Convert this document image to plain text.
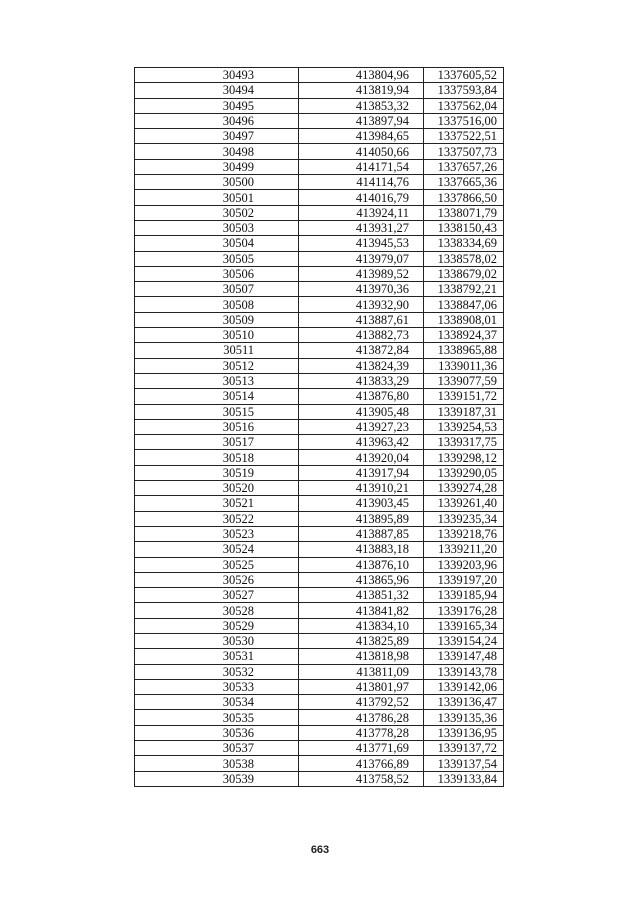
30493	413804,96	1337605,52
30494	413819,94	1337593,84
30495	413853,32	1337562,04
30496	413897,94	1337516,00
30497	413984,65	1337522,51
30498	414050,66	1337507,73
30499	414171,54	1337657,26
30500	414114,76	1337665,36
30501	414016,79	1337866,50
30502	413924,11	1338071,79
30503	413931,27	1338150,43
30504	413945,53	1338334,69
30505	413979,07	1338578,02
30506	413989,52	1338679,02
30507	413970,36	1338792,21
30508	413932,90	1338847,06
30509	413887,61	1338908,01
30510	413882,73	1338924,37
30511	413872,84	1338965,88
30512	413824,39	1339011,36
30513	413833,29	1339077,59
30514	413876,80	1339151,72
30515	413905,48	1339187,31
30516	413927,23	1339254,53
30517	413963,42	1339317,75
30518	413920,04	1339298,12
30519	413917,94	1339290,05
30520	413910,21	1339274,28
30521	413903,45	1339261,40
30522	413895,89	1339235,34
30523	413887,85	1339218,76
30524	413883,18	1339211,20
30525	413876,10	1339203,96
30526	413865,96	1339197,20
30527	413851,32	1339185,94
30528	413841,82	1339176,28
30529	413834,10	1339165,34
30530	413825,89	1339154,24
30531	413818,98	1339147,48
30532	413811,09	1339143,78
30533	413801,97	1339142,06
30534	413792,52	1339136,47
30535	413786,28	1339135,36
30536	413778,28	1339136,95
30537	413771,69	1339137,72
30538	413766,89	1339137,54
30539	413758,52	1339133,84
663
